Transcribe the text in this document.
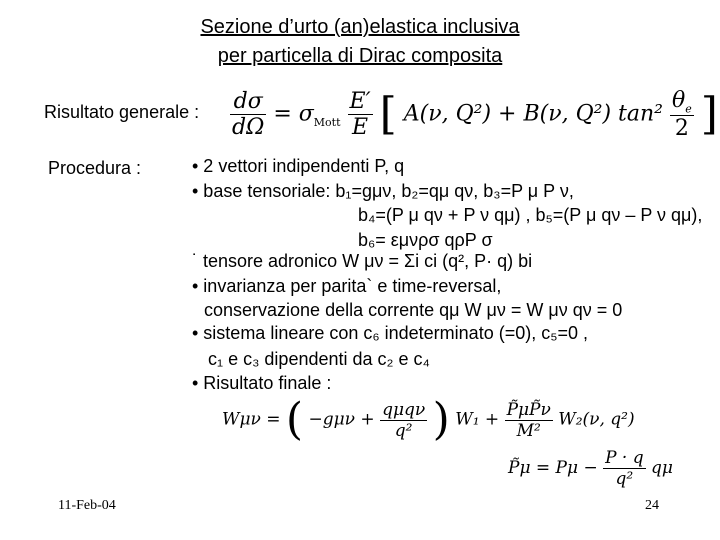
Sezione d’urto (an)elastica inclusiva
per particella di Dirac composita
Risultato generale : $\frac{d\sigma}{d\Omega} = \sigma_{Mott} \frac{E'}{E}$ [ A(ν, Q²) + B(ν, Q²) $\tan^2 \frac{\theta_e}{2}$ ]
Procedura :	• 2 vettori indipendenti P, q
• base tensoriale: b₁=gμν, b₂=qμ qν, b₃=P μ P ν,
b₄=(P μ qν + P ν qμ) , b₅=(P μ qν – P ν qμ),
b₆= εμνρσ qρP σ
˙ tensore adronico W μν = Σi ci (q², P· q) bi
• invarianza per parita` e time-reversal,
conservazione della corrente qμ W μν = W μν qν = 0
• sistema lineare con c₆ indeterminato (=0), c₅=0 ,
c₁ e c₃ dipendenti da c₂ e c₄
• Risultato finale :
Wμν = ( $-g\mu\nu + \frac{\text{qμqν}}{\text{q²}}$ ) $W_1 + \frac{P̃\mu P̃\nu}{\text{M²}} W_2(\nu$, q²)
P̃μ = $P\mu - \frac{P \cdot q}{\text{q²}}$ qμ
11-Feb-04	24
